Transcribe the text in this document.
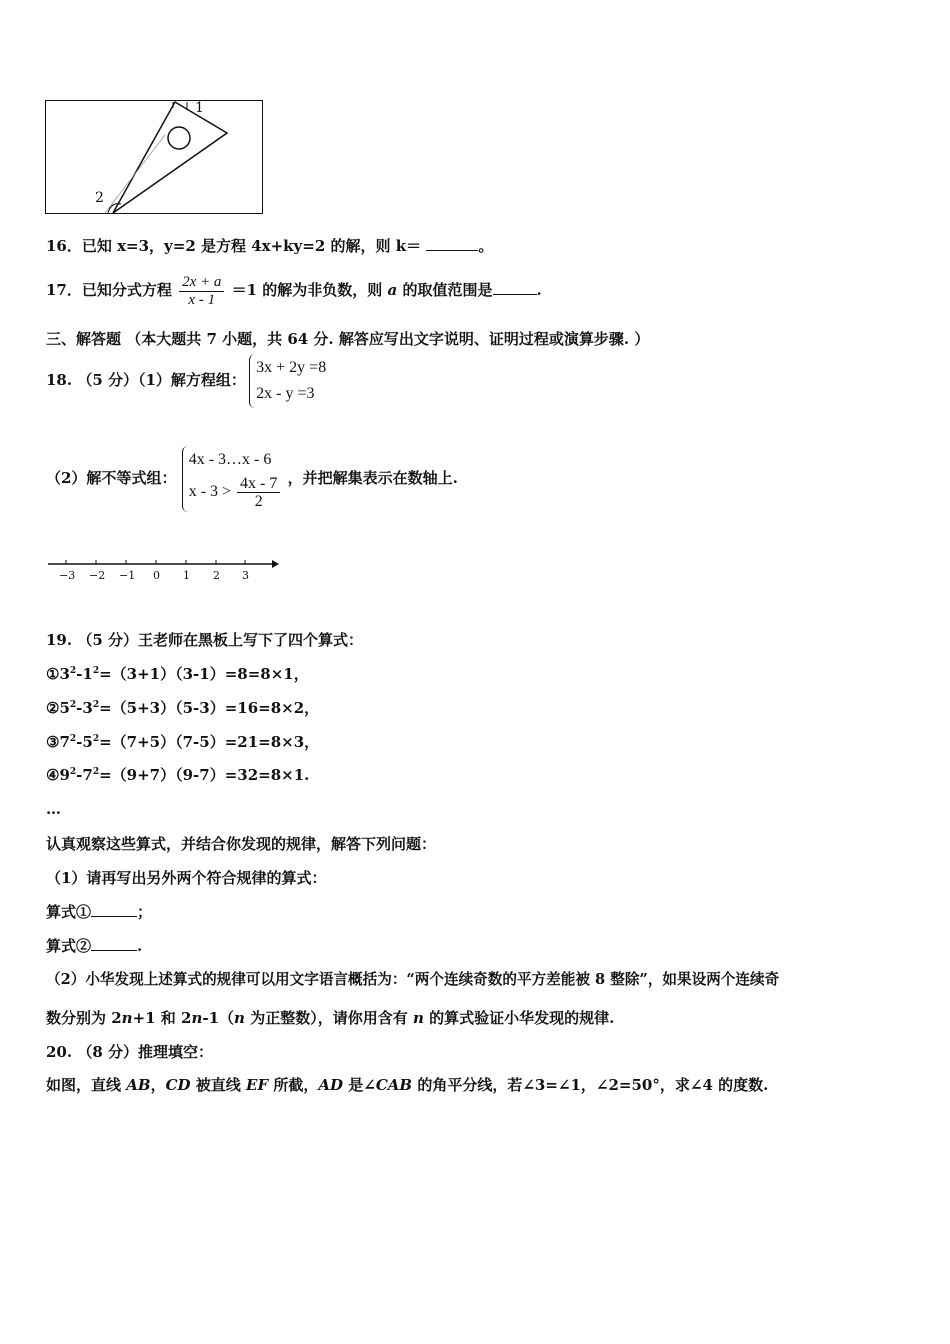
1
2
16．已知 x=3，y=2 是方程 4x+ky=2 的解，则 k＝	。
17．已知分式方程 $\frac{2x + a}{x - 1} =1$ 的解为非负数，则 a 的取值范围是	.
三、解答题 （本大题共 7 小题，共 64 分. 解答应写出文字说明、证明过程或演算步骤. ）
18. （5 分）（1）解方程组：
3x + 2y =8
2x - y =3
（2）解不等式组：
4x - 3…x - 6
$x - 3 > \frac{4x - 7}{2}$ ，并把解集表示在数轴上.
−3 −2 −1 0 1 2 3
19. （5 分）王老师在黑板上写下了四个算式：
$①3^2-1^2=(3+1)(3-1)=8=8\times 1$，
$②5^2-3^2=(5+3)(5-3)=16=8\times 2$，
$③7^2-5^2=(7+5)(7-5)=21=8\times 3$，
$④9^2-7^2=(9+7)(9-7)=32=8\times 1$.
…
认真观察这些算式，并结合你发现的规律，解答下列问题：
（1）请再写出另外两个符合规律的算式：
算式①	；
算式②	.
（2）小华发现上述算式的规律可以用文字语言概括为：“两个连续奇数的平方差能被 8 整除”，如果设两个连续奇
数分别为 2n+1 和 2n-1（n 为正整数），请你用含有 n 的算式验证小华发现的规律.
20. （8 分）推理填空：
如图，直线 AB，CD 被直线 EF 所截，AD 是∠CAB 的角平分线，若∠3=∠1，∠2=50°，求∠4 的度数.
